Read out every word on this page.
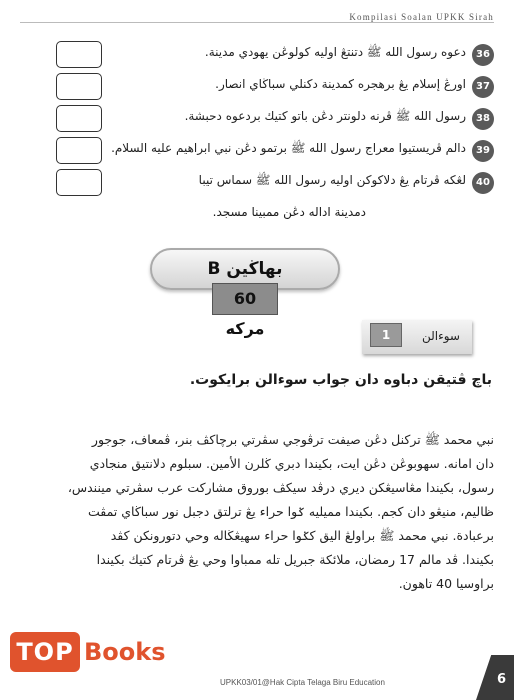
Kompilasi Soalan UPKK Sirah
دعوه رسول الله ﷺ دتنتڠ اوليه كولوڠن يهودي مدينة.	36
اورڠ إسلام يڠ برهجره كمدينة دكنلي سباڬاي انصار.	37
رسول الله ﷺ ڤرنه دلونتر دڠن باتو كتيك بردعوه دحبشة.	38
دالم ڤريستيوا معراج رسول الله ﷺ برتمو دڠن نبي ابراهيم عليه السلام.	39
لڠكه ڤرتام يڠ دلاكوكن اوليه رسول الله ﷺ سماس تيبا	40
دمدينة اداله دڠن ممبينا مسجد.
بهاڬين B
60 مركه	سوءالن
1
باچ ڤتيقن دباوه دان جواب سوءالن برايكوت.
نبي محمد ﷺ تركنل دڠن صيفت ترڤوجي سڤرتي برچاكڤ بنر، ڤمعاف، جوجور
دان امانه. سهوبوڠن دڠن ايت، بكيندا دبري ڬلرن الأمين. سبلوم دلانتيق منجادي
رسول، بكيندا مڠاسيڠكن ديري درڤد سيكڤ بوروق مشاركت عرب سڤرتي مينندس،
ظاليم، منيڠو دان كجم. بكيندا مميليه ݢوا حراء يڠ ترلتق دجبل نور سباڬاي تمڤت
برعبادة. نبي محمد ﷺ براولڠ اليق كݢوا حراء سهيڠڬاله وحي دتورونكن كڤد
بكيندا. ڤد مالم 17 رمضان، ملائكة جبريل تله ممباوا وحي يڠ ڤرتام كتيك بكيندا
براوسيا 40 تاهون.
TOP Books
UPKK03/01@Hak Cipta Telaga Biru Education	6
